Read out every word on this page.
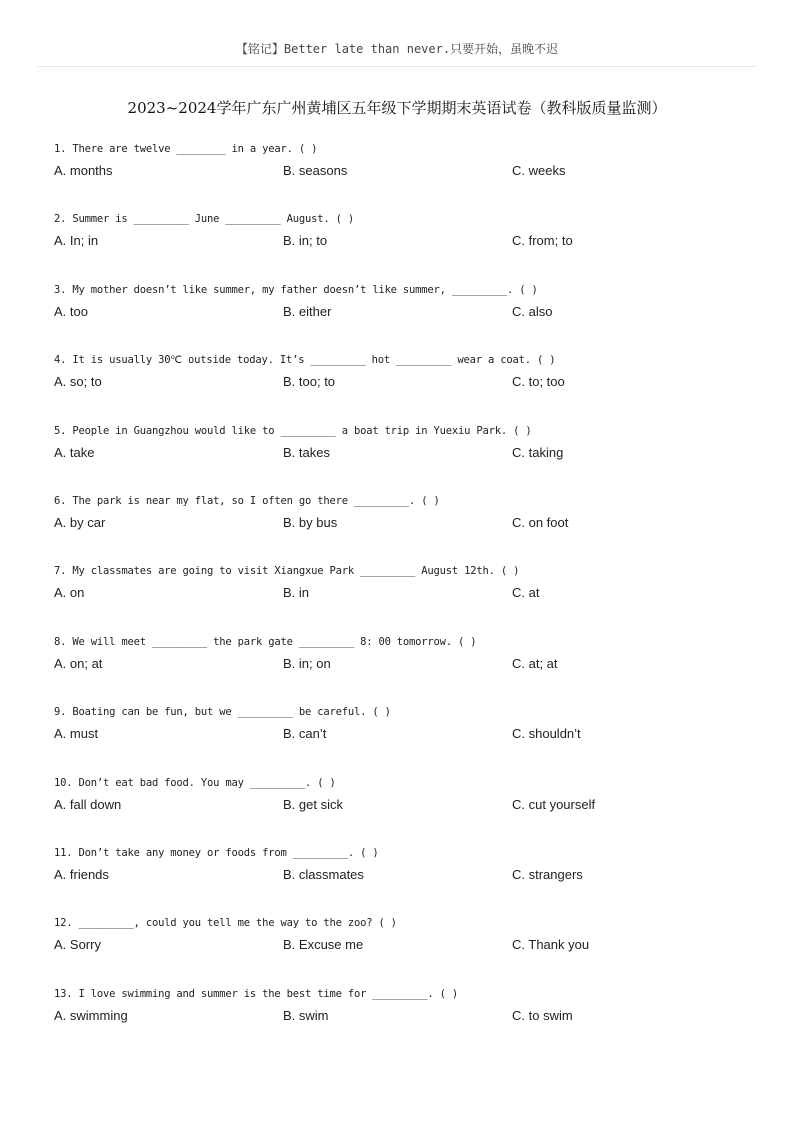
【铭记】Better late than never.只要开始，虽晚不迟
2023~2024学年广东广州黄埔区五年级下学期期末英语试卷（教科版质量监测）
1. There are twelve ________ in a year. ( )
A. months	B. seasons	C. weeks
2. Summer is _________ June _________ August. ( )
A. In; in	B. in; to	C. from; to
3. My mother doesn’t like summer, my father doesn’t like summer, _________. ( )
A. too	B. either	C. also
4. It is usually 30℃ outside today. It’s _________ hot _________ wear a coat. ( )
A. so; to	B. too; to	C. to; too
5. People in Guangzhou would like to _________ a boat trip in Yuexiu Park. ( )
A. take	B. takes	C. taking
6. The park is near my flat, so I often go there _________. ( )
A. by car	B. by bus	C. on foot
7. My classmates are going to visit Xiangxue Park _________ August 12th. ( )
A. on	B. in	C. at
8. We will meet _________ the park gate _________ 8: 00 tomorrow. ( )
A. on; at	B. in; on	C. at; at
9. Boating can be fun, but we _________ be careful. ( )
A. must	B. can’t	C. shouldn’t
10. Don’t eat bad food. You may _________. ( )
A. fall down	B. get sick	C. cut yourself
11. Don’t take any money or foods from _________. ( )
A. friends	B. classmates	C. strangers
12. _________, could you tell me the way to the zoo? ( )
A. Sorry	B. Excuse me	C. Thank you
13. I love swimming and summer is the best time for _________. ( )
A. swimming	B. swim	C. to swim
